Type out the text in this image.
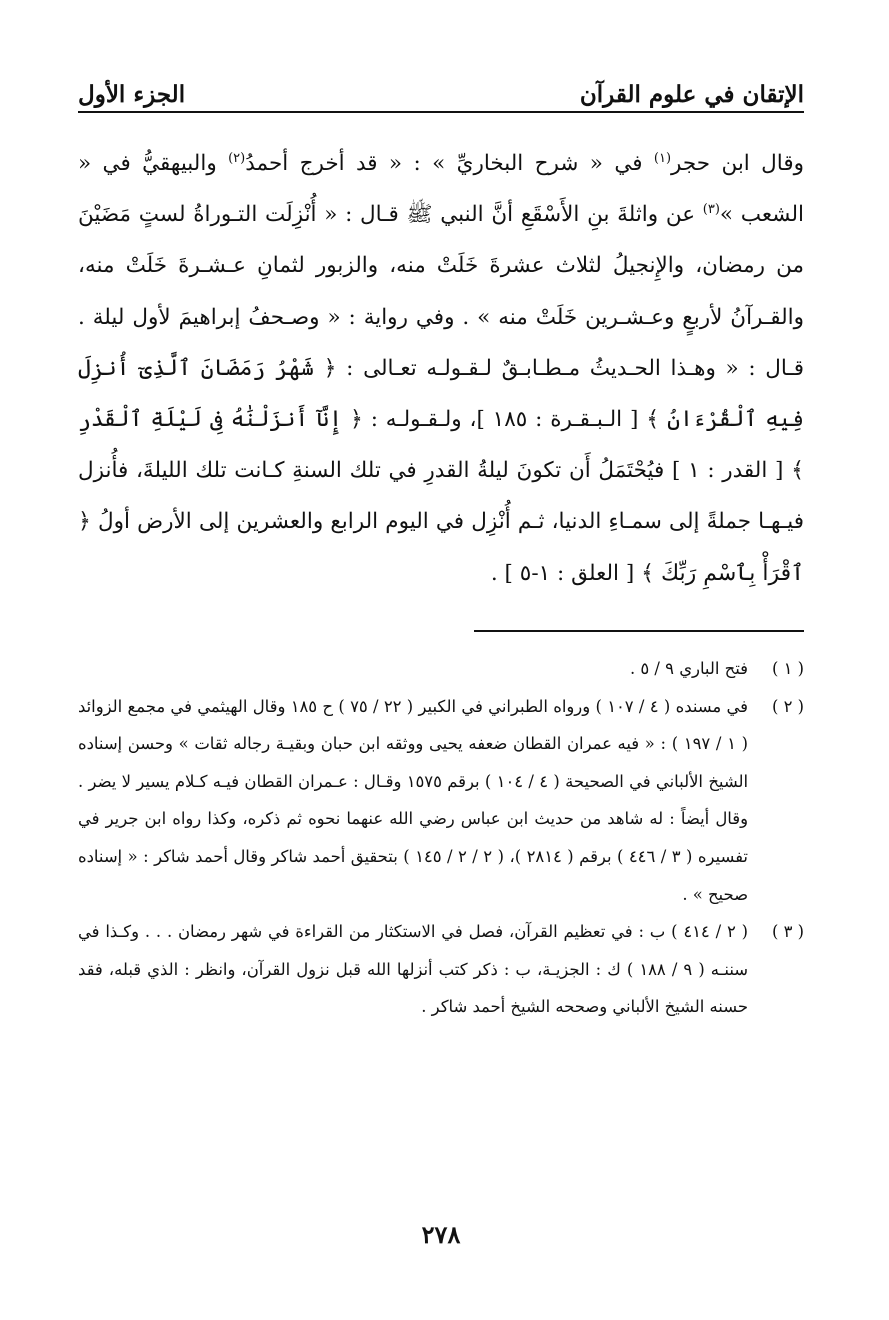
الإتقان في علوم القرآن
الجزء الأول

وقال ابن حجر$^{(١)}$ في « شرح البخاريِّ » : « قد أخرج أحمدُ$^{(٢)}$ والبيهقيُّ في « الشعب »$^{(٣)}$ عن واثلةَ بنِ الأَسْقَعِ أنَّ النبي ﷺ قـال : « أُنْزِلَت التـوراةُ لستٍ مَضَيْنَ من رمضان، والإِنجيلُ لثلاث عشرةَ خَلَتْ منه، والزبور لثمانِ عـشـرةَ خَلَتْ منه، والقـرآنُ لأربعٍ وعـشـرين خَلَتْ منه » . وفي رواية : « وصـحفُ إبراهيمَ لأول ليلة . قـال : « وهـذا الحـديثُ مـطـابـقٌ لـقـولـه تعـالى : ﴿ شَهْرُ رَمَضَانَ ٱلَّذِىٓ أُنزِلَ فِيهِ ٱلْقُرْءَانُ ﴾ [ الـبـقـرة : ١٨٥ ]، ولـقـولـه : ﴿ إِنَّآ أَنزَلْنَٰهُ فِى لَيْلَةِ ٱلْقَدْرِ ﴾ [ القدر : ١ ] فيُحْتَمَلُ أَن تكونَ ليلةُ القدرِ في تلك السنةِ كـانت تلك الليلةَ، فأُنزل فيـهـا جملةً إلى سمـاءِ الدنيا، ثـم أُنْزِل في اليوم الرابع والعشرين إلى الأرض أولُ ﴿ ٱقْرَأْ بِٱسْمِ رَبِّكَ ﴾ [ العلق : ١-٥ ] .

( ١ )فتح الباري ٩ / ٥ .

( ٢ )في مسنده ( ٤ / ١٠٧ ) ورواه الطبراني في الكبير ( ٢٢ / ٧٥ ) ح ١٨٥ وقال الهيثمي في مجمع الزوائد ( ١ / ١٩٧ ) : « فيه عمران القطان ضعفه يحيى ووثقه ابن حبان وبقيـة رجاله ثقات » وحسن إسناده الشيخ الألباني في الصحيحة ( ٤ / ١٠٤ ) برقم ١٥٧٥ وقـال : عـمران القطان فيـه كـلام يسير لا يضر . وقال أيضاً : له شاهد من حديث ابن عباس رضي الله عنهما نحوه ثم ذكره، وكذا رواه ابن جرير في تفسيره ( ٣ / ٤٤٦ ) برقم ( ٢٨١٤ )، ( ٢ / ٢ / ١٤٥ ) بتحقيق أحمد شاكر وقال أحمد شاكر : « إسناده صحيح » .

( ٣ )( ٢ / ٤١٤ ) ب : في تعظيم القرآن، فصل في الاستكثار من القراءة في شهر رمضان . . . وكـذا في سننـه ( ٩ / ١٨٨ ) ك : الجزيـة، ب : ذكر كتب أنزلها الله قبل نزول القرآن، وانظر : الذي قبله، فقد حسنه الشيخ الألباني وصححه الشيخ أحمد شاكر .

٢٧٨
